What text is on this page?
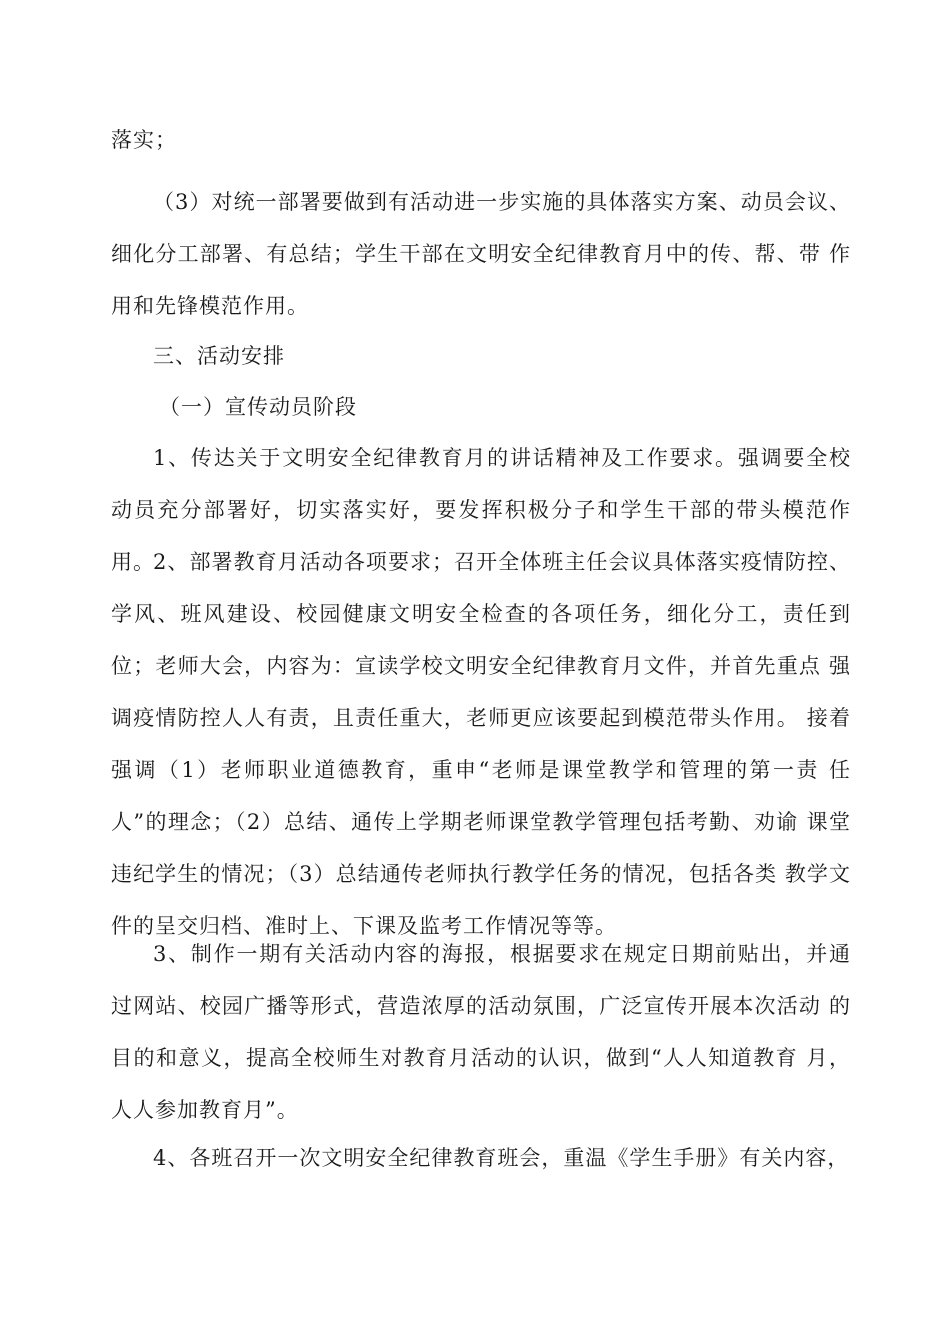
落实；

（3）对统一部署要做到有活动进一步实施的具体落实方案、动员会议、细化分工部署、有总结；学生干部在文明安全纪律教育月中的传、帮、带 作用和先锋模范作用。

三、活动安排

（一）宣传动员阶段

1、传达关于文明安全纪律教育月的讲话精神及工作要求。强调要全校 动员充分部署好，切实落实好，要发挥积极分子和学生干部的带头模范作 用。

2、部署教育月活动各项要求；召开全体班主任会议具体落实疫情防控、学风、班风建设、校园健康文明安全检查的各项任务，细化分工，责任到 位；老师大会，内容为：宣读学校文明安全纪律教育月文件，并首先重点 强调疫情防控人人有责，且责任重大，老师更应该要起到模范带头作用。 接着强调（1）老师职业道德教育，重申“老师是课堂教学和管理的第一责 任人”的理念；（2）总结、通传上学期老师课堂教学管理包括考勤、劝谕 课堂违纪学生的情况；（3）总结通传老师执行教学任务的情况，包括各类 教学文件的呈交归档、准时上、下课及监考工作情况等等。

3、制作一期有关活动内容的海报，根据要求在规定日期前贴出，并通 过网站、校园广播等形式，营造浓厚的活动氛围，广泛宣传开展本次活动 的目的和意义，提高全校师生对教育月活动的认识，做到“人人知道教育 月，人人参加教育月”。

4、各班召开一次文明安全纪律教育班会，重温《学生手册》有关内容，
